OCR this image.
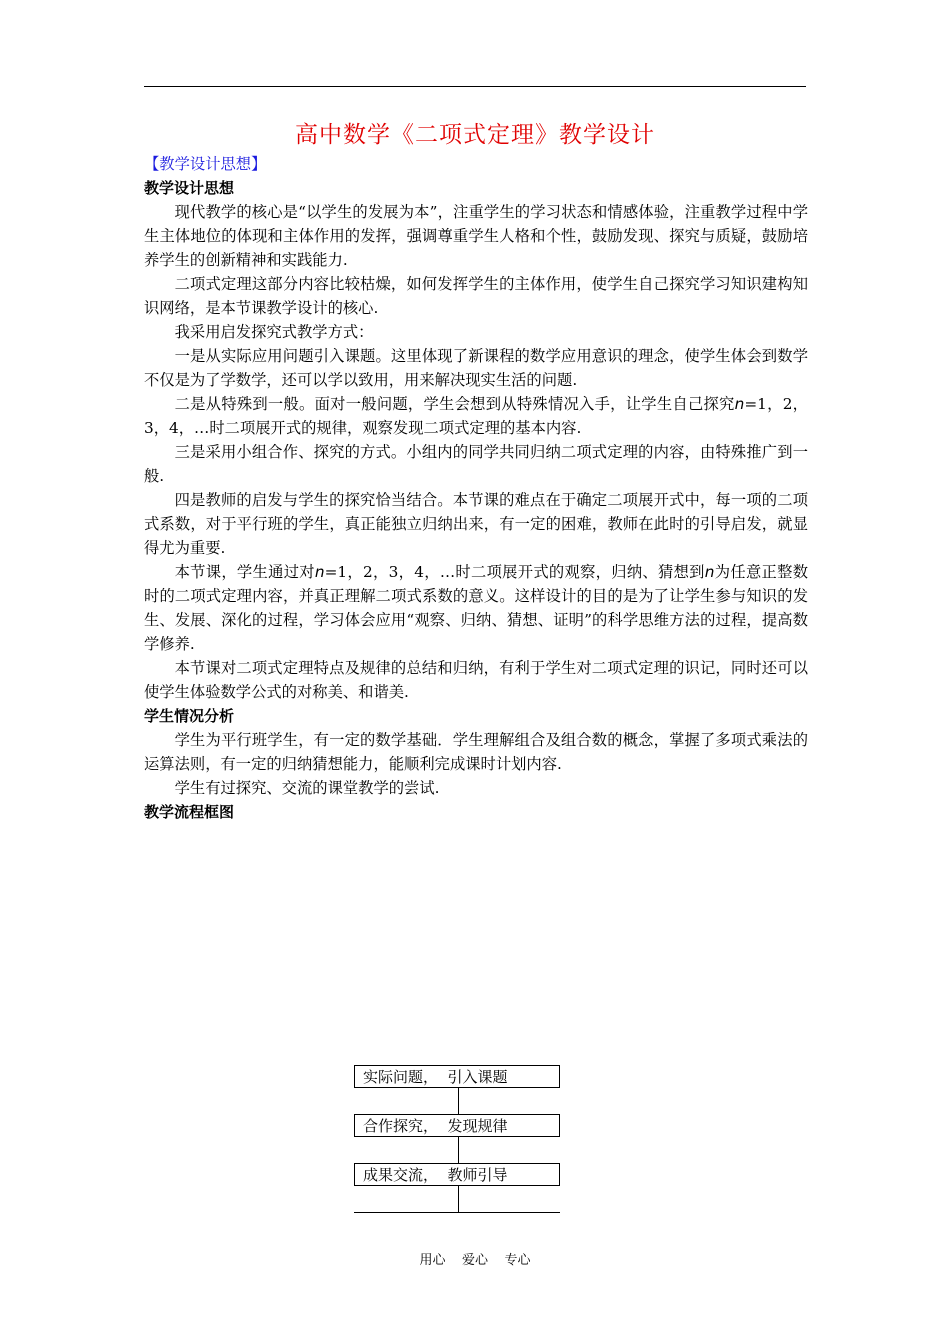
高中数学《二项式定理》教学设计
【教学设计思想】
教学设计思想

现代教学的核心是“以学生的发展为本”，注重学生的学习状态和情感体验，注重教学过程中学生主体地位的体现和主体作用的发挥，强调尊重学生人格和个性，鼓励发现、探究与质疑，鼓励培养学生的创新精神和实践能力.

二项式定理这部分内容比较枯燥，如何发挥学生的主体作用，使学生自己探究学习知识建构知识网络，是本节课教学设计的核心.

我采用启发探究式教学方式：

一是从实际应用问题引入课题。这里体现了新课程的数学应用意识的理念，使学生体会到数学不仅是为了学数学，还可以学以致用，用来解决现实生活的问题.

二是从特殊到一般。面对一般问题，学生会想到从特殊情况入手，让学生自己探究n=1，2，3，4，…时二项展开式的规律，观察发现二项式定理的基本内容.

三是采用小组合作、探究的方式。小组内的同学共同归纳二项式定理的内容，由特殊推广到一般.

四是教师的启发与学生的探究恰当结合。本节课的难点在于确定二项展开式中，每一项的二项式系数，对于平行班的学生，真正能独立归纳出来，有一定的困难，教师在此时的引导启发，就显得尤为重要.

本节课，学生通过对n=1，2，3，4，…时二项展开式的观察，归纳、猜想到n为任意正整数时的二项式定理内容，并真正理解二项式系数的意义。这样设计的目的是为了让学生参与知识的发生、发展、深化的过程，学习体会应用“观察、归纳、猜想、证明”的科学思维方法的过程，提高数学修养.

本节课对二项式定理特点及规律的总结和归纳，有利于学生对二项式定理的识记，同时还可以使学生体验数学公式的对称美、和谐美.

学生情况分析

学生为平行班学生，有一定的数学基础．学生理解组合及组合数的概念，掌握了多项式乘法的运算法则，有一定的归纳猜想能力，能顺利完成课时计划内容.

学生有过探究、交流的课堂教学的尝试.

教学流程框图
实际问题，  引入课题
合作探究，  发现规律
成果交流，  教师引导
用心    爱心    专心
